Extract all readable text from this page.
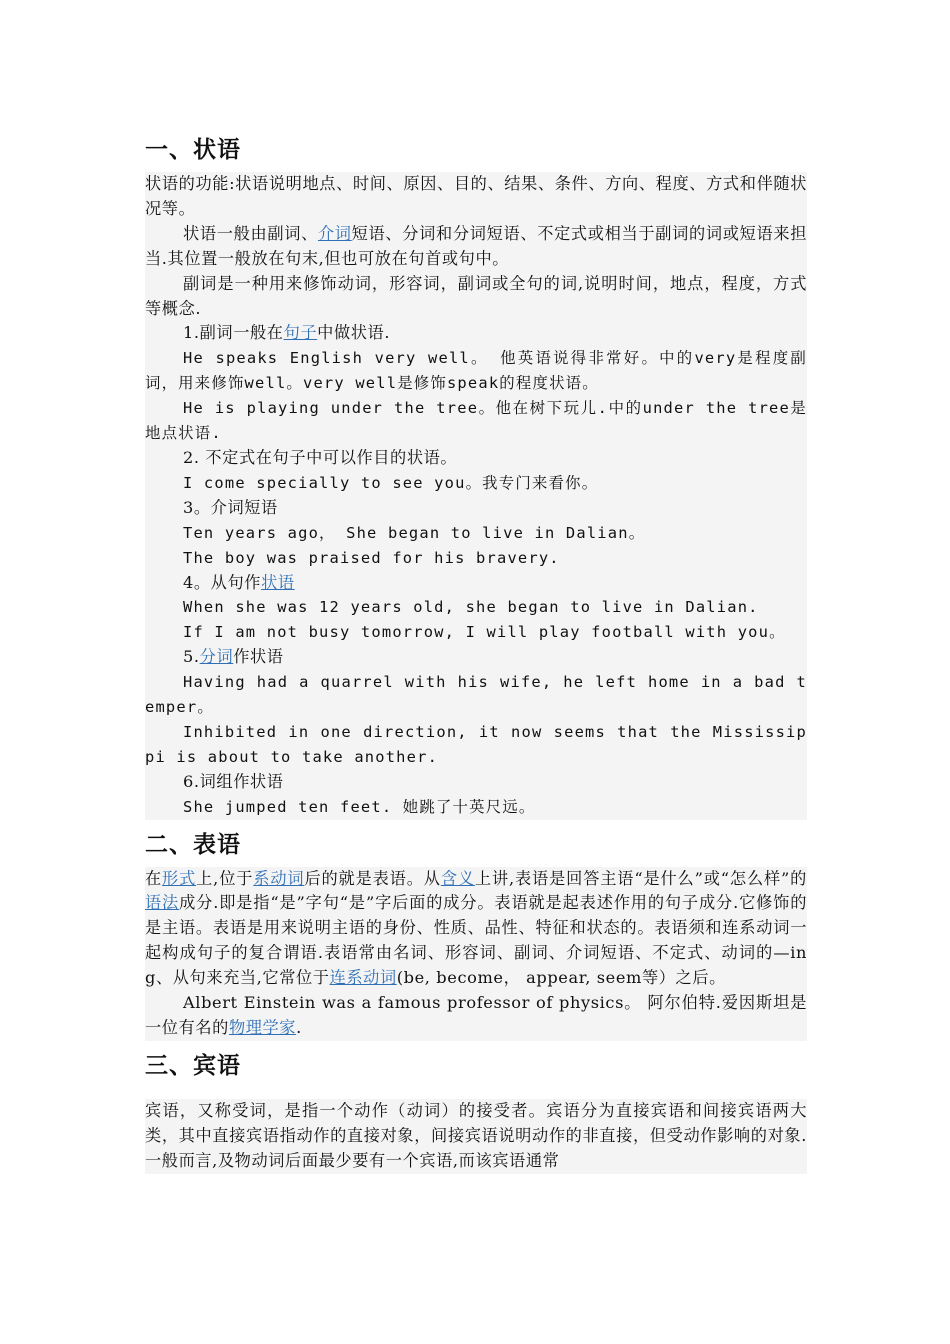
一、状语

状语的功能:状语说明地点、时间、原因、目的、结果、条件、方向、程度、方式和伴随状况等。

状语一般由副词、介词短语、分词和分词短语、不定式或相当于副词的词或短语来担当.其位置一般放在句末,但也可放在句首或句中。

副词是一种用来修饰动词，形容词，副词或全句的词,说明时间，地点，程度，方式等概念.

1.副词一般在句子中做状语.

He speaks English very well。 他英语说得非常好。中的very是程度副词，用来修饰well。very well是修饰speak的程度状语。

He is playing under the tree。他在树下玩儿.中的under the tree是地点状语.

2. 不定式在句子中可以作目的状语。

I come specially to see you。我专门来看你。

3。介词短语

Ten years ago， She began to live in Dalian。

The boy was praised for his bravery.

4。从句作状语

When she was 12 years old, she began to live in Dalian.

If I am not busy tomorrow, I will play football with you。

5.分词作状语

Having had a quarrel with his wife, he left home in a bad temper。

Inhibited in one direction, it now seems that the Mississippi is about to take another.

6.词组作状语

She jumped ten feet. 她跳了十英尺远。

二、表语

在形式上,位于系动词后的就是表语。从含义上讲,表语是回答主语“是什么”或“怎么样”的语法成分.即是指“是”字句“是”字后面的成分。表语就是起表述作用的句子成分.它修饰的是主语。表语是用来说明主语的身份、性质、品性、特征和状态的。表语须和连系动词一起构成句子的复合谓语.表语常由名词、形容词、副词、介词短语、不定式、动词的—ing、从句来充当,它常位于连系动词(be, become， appear, seem等）之后。

Albert Einstein was a famous professor of physics。 阿尔伯特.爱因斯坦是一位有名的物理学家.

三、宾语

宾语，又称受词，是指一个动作（动词）的接受者。宾语分为直接宾语和间接宾语两大类，其中直接宾语指动作的直接对象，间接宾语说明动作的非直接，但受动作影响的对象.一般而言,及物动词后面最少要有一个宾语,而该宾语通常
